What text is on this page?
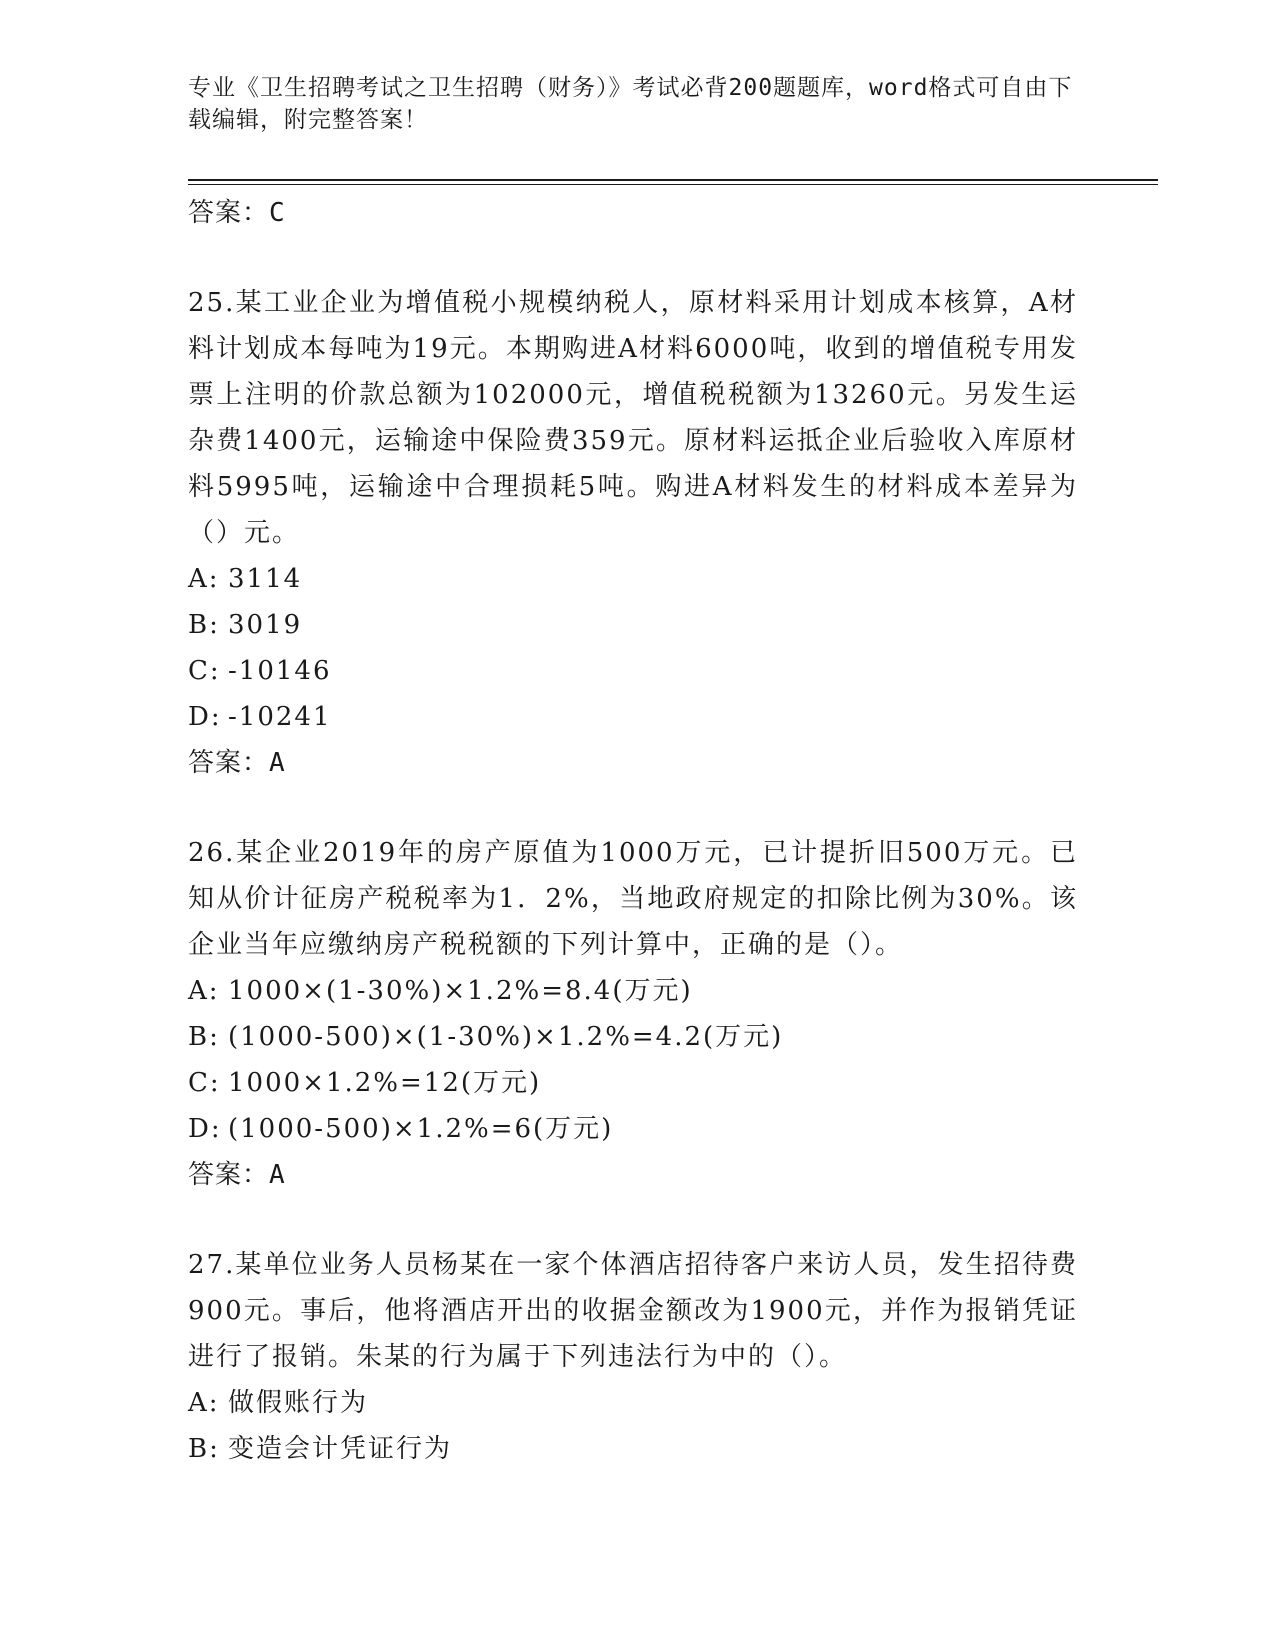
专业《卫生招聘考试之卫生招聘（财务）》考试必背200题题库，word格式可自由下载编辑，附完整答案！
答案：C

25.某工业企业为增值税小规模纳税人，原材料采用计划成本核算，A材料计划成本每吨为19元。本期购进A材料6000吨，收到的增值税专用发票上注明的价款总额为102000元，增值税税额为13260元。另发生运杂费1400元，运输途中保险费359元。原材料运抵企业后验收入库原材料5995吨，运输途中合理损耗5吨。购进A材料发生的材料成本差异为（）元。

A: 3114
B: 3019
C: -10146
D: -10241
答案：A

26.某企业2019年的房产原值为1000万元，已计提折旧500万元。已知从价计征房产税税率为1．2%，当地政府规定的扣除比例为30%。该企业当年应缴纳房产税税额的下列计算中，正确的是（）。

A: 1000×(1-30%)×1.2%=8.4(万元)
B: (1000-500)×(1-30%)×1.2%=4.2(万元)
C: 1000×1.2%=12(万元)
D: (1000-500)×1.2%=6(万元)
答案：A

27.某单位业务人员杨某在一家个体酒店招待客户来访人员，发生招待费900元。事后，他将酒店开出的收据金额改为1900元，并作为报销凭证进行了报销。朱某的行为属于下列违法行为中的（）。

A: 做假账行为
B: 变造会计凭证行为
